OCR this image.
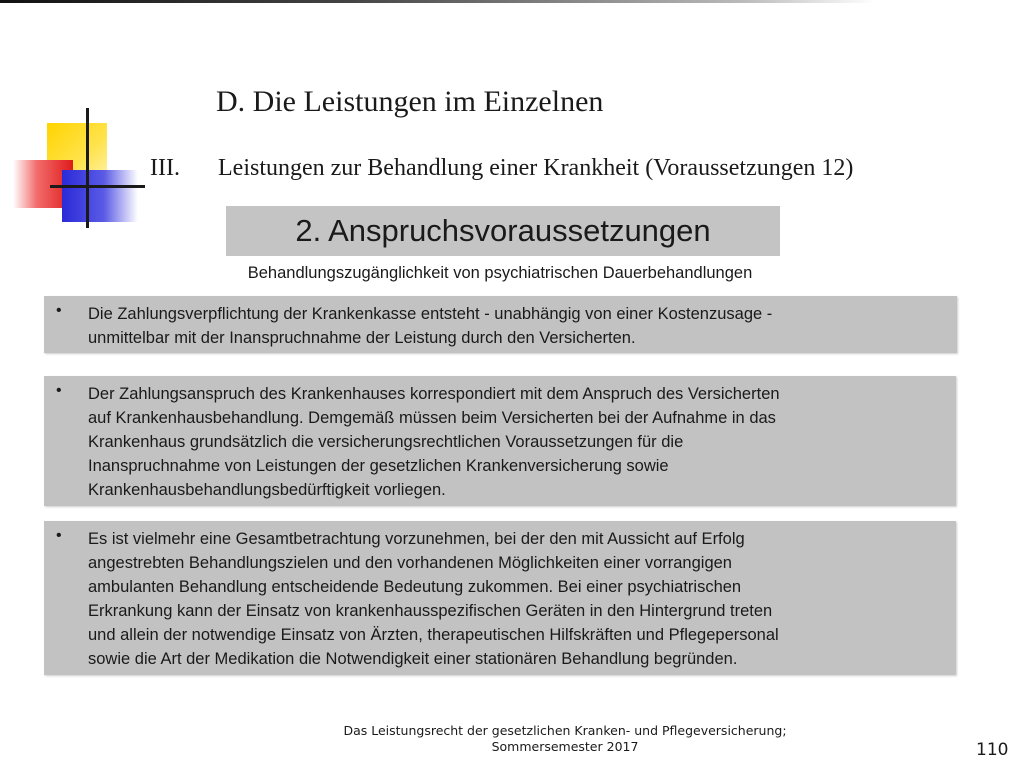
D. Die Leistungen im Einzelnen
III. Leistungen zur Behandlung einer Krankheit (Voraussetzungen 12)
2. Anspruchsvoraussetzungen
Behandlungszugänglichkeit von psychiatrischen Dauerbehandlungen
• Die Zahlungsverpflichtung der Krankenkasse entsteht - unabhängig von einer Kostenzusage -
unmittelbar mit der Inanspruchnahme der Leistung durch den Versicherten.
• Der Zahlungsanspruch des Krankenhauses korrespondiert mit dem Anspruch des Versicherten
auf Krankenhausbehandlung. Demgemäß müssen beim Versicherten bei der Aufnahme in das
Krankenhaus grundsätzlich die versicherungsrechtlichen Voraussetzungen für die
Inanspruchnahme von Leistungen der gesetzlichen Krankenversicherung sowie
Krankenhausbehandlungsbedürftigkeit vorliegen.
• Es ist vielmehr eine Gesamtbetrachtung vorzunehmen, bei der den mit Aussicht auf Erfolg
angestrebten Behandlungszielen und den vorhandenen Möglichkeiten einer vorrangigen
ambulanten Behandlung entscheidende Bedeutung zukommen. Bei einer psychiatrischen
Erkrankung kann der Einsatz von krankenhausspezifischen Geräten in den Hintergrund treten
und allein der notwendige Einsatz von Ärzten, therapeutischen Hilfskräften und Pflegepersonal
sowie die Art der Medikation die Notwendigkeit einer stationären Behandlung begründen.
Das Leistungsrecht der gesetzlichen Kranken- und Pflegeversicherung;
Sommersemester 2017	110
